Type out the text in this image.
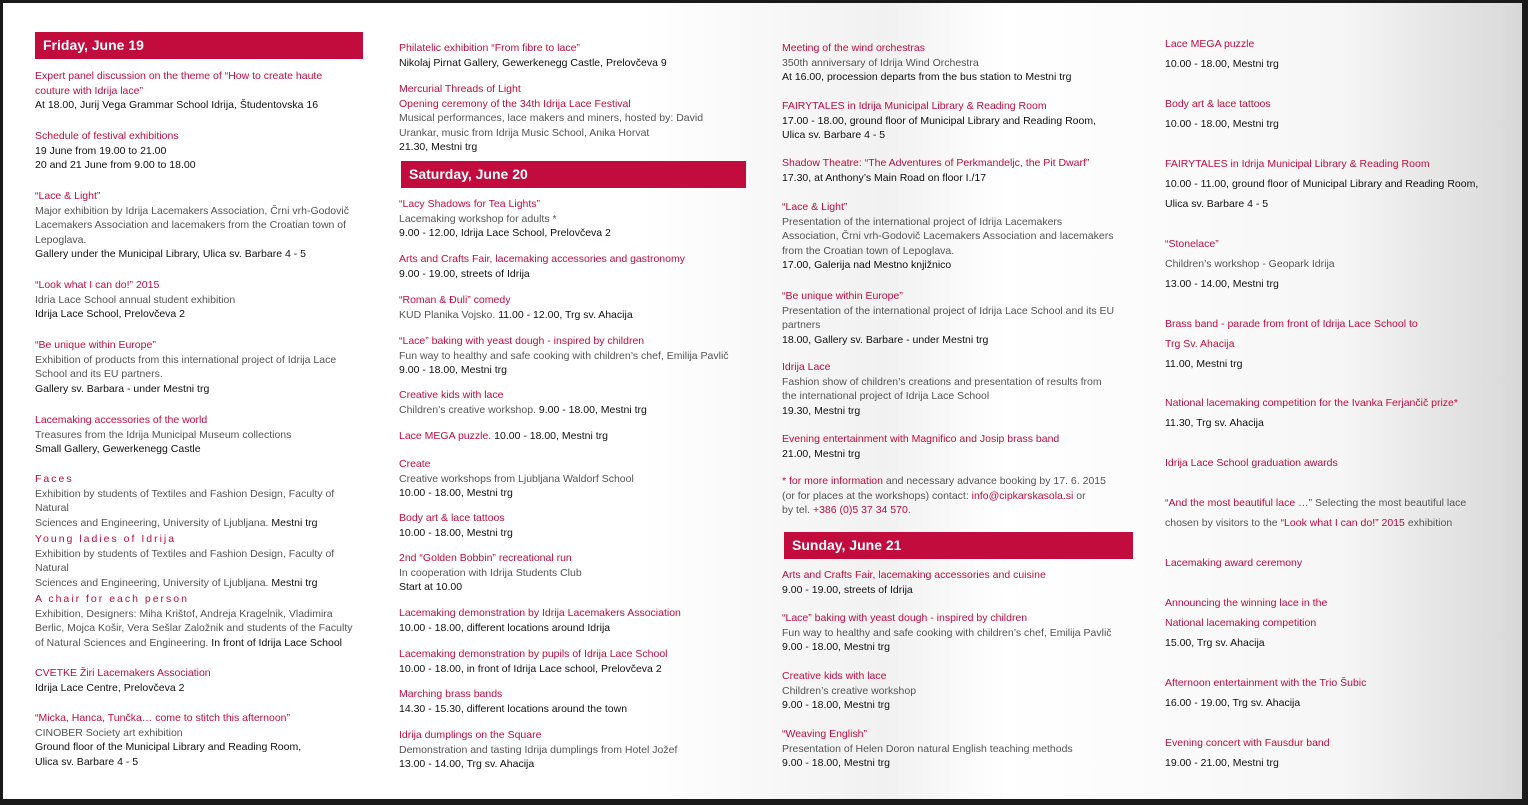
Friday, June 19
Expert panel discussion on the theme of “How to create haute
couture with Idrija lace”
At 18.00, Jurij Vega Grammar School Idrija, Študentovska 16
Schedule of festival exhibitions
19 June from 19.00 to 21.00
20 and 21 June from 9.00 to 18.00
“Lace & Light”
Major exhibition by Idrija Lacemakers Association, Črni vrh-Godovič
Lacemakers Association and lacemakers from the Croatian town of
Lepoglava.
Gallery under the Municipal Library, Ulica sv. Barbare 4 - 5
“Look what I can do!” 2015
Idria Lace School annual student exhibition
Idrija Lace School, Prelovčeva 2
“Be unique within Europe”
Exhibition of products from this international project of Idrija Lace
School and its EU partners.
Gallery sv. Barbara - under Mestni trg
Lacemaking accessories of the world
Treasures from the Idrija Municipal Museum collections
Small Gallery, Gewerkenegg Castle
Faces
Exhibition by students of Textiles and Fashion Design, Faculty of Natural
Sciences and Engineering, University of Ljubljana. Mestni trg
Young ladies of Idrija
Exhibition by students of Textiles and Fashion Design, Faculty of Natural
Sciences and Engineering, University of Ljubljana. Mestni trg
A chair for each person
Exhibition, Designers: Miha Krištof, Andreja Kragelnik, Vladimira
Berlic, Mojca Košir, Vera Sešlar Založnik and students of the Faculty
of Natural Sciences and Engineering. In front of Idrija Lace School
CVETKE Žiri Lacemakers Association
Idrija Lace Centre, Prelovčeva 2
“Micka, Hanca, Tunčka… come to stitch this afternoon”
CINOBER Society art exhibition
Ground floor of the Municipal Library and Reading Room,
Ulica sv. Barbare 4 - 5
Philatelic exhibition “From fibre to lace”
Nikolaj Pirnat Gallery, Gewerkenegg Castle, Prelovčeva 9
Mercurial Threads of Light
Opening ceremony of the 34th Idrija Lace Festival
Musical performances, lace makers and miners, hosted by: David
Urankar, music from Idrija Music School, Anika Horvat
21.30, Mestni trg
Saturday, June 20
“Lacy Shadows for Tea Lights”
Lacemaking workshop for adults *
9.00 - 12.00, Idrija Lace School, Prelovčeva 2
Arts and Crafts Fair, lacemaking accessories and gastronomy
9.00 - 19.00, streets of Idrija
“Roman & Đuli” comedy
KUD Planika Vojsko. 11.00 - 12.00, Trg sv. Ahacija
“Lace” baking with yeast dough - inspired by children
Fun way to healthy and safe cooking with children’s chef, Emilija Pavlič
9.00 - 18.00, Mestni trg
Creative kids with lace
Children’s creative workshop. 9.00 - 18.00, Mestni trg
Lace MEGA puzzle. 10.00 - 18.00, Mestni trg
Create
Creative workshops from Ljubljana Waldorf School
10.00 - 18.00, Mestni trg
Body art & lace tattoos
10.00 - 18.00, Mestni trg
2nd “Golden Bobbin” recreational run
In cooperation with Idrija Students Club
Start at 10.00
Lacemaking demonstration by Idrija Lacemakers Association
10.00 - 18.00, different locations around Idrija
Lacemaking demonstration by pupils of Idrija Lace School
10.00 - 18.00, in front of Idrija Lace school, Prelovčeva 2
Marching brass bands
14.30 - 15.30, different locations around the town
Idrija dumplings on the Square
Demonstration and tasting Idrija dumplings from Hotel Jožef
13.00 - 14.00, Trg sv. Ahacija
Meeting of the wind orchestras
350th anniversary of Idrija Wind Orchestra
At 16.00, procession departs from the bus station to Mestni trg
FAIRYTALES in Idrija Municipal Library & Reading Room
17.00 - 18.00, ground floor of Municipal Library and Reading Room,
Ulica sv. Barbare 4 - 5
Shadow Theatre: “The Adventures of Perkmandeljc, the Pit Dwarf”
17.30, at Anthony’s Main Road on floor I./17
“Lace & Light”
Presentation of the international project of Idrija Lacemakers
Association, Črni vrh-Godovič Lacemakers Association and lacemakers
from the Croatian town of Lepoglava.
17.00, Galerija nad Mestno knjižnico
“Be unique within Europe”
Presentation of the international project of Idrija Lace School and its EU
partners
18.00, Gallery sv. Barbare - under Mestni trg
Idrija Lace
Fashion show of children’s creations and presentation of results from
the international project of Idrija Lace School
19.30, Mestni trg
Evening entertainment with Magnifico and Josip brass band
21.00, Mestni trg
* for more information and necessary advance booking by 17. 6. 2015
(or for places at the workshops) contact: info@cipkarskasola.si or
by tel. +386 (0)5 37 34 570.
Sunday, June 21
Arts and Crafts Fair, lacemaking accessories and cuisine
9.00 - 19.00, streets of Idrija
“Lace” baking with yeast dough - inspired by children
Fun way to healthy and safe cooking with children’s chef, Emilija Pavlič
9.00 - 18.00, Mestni trg
Creative kids with lace
Children’s creative workshop
9.00 - 18.00, Mestni trg
“Weaving English”
Presentation of Helen Doron natural English teaching methods
9.00 - 18.00, Mestni trg
Lace MEGA puzzle
10.00 - 18.00, Mestni trg
Body art & lace tattoos
10.00 - 18.00, Mestni trg
FAIRYTALES in Idrija Municipal Library & Reading Room
10.00 - 11.00, ground floor of Municipal Library and Reading Room,
Ulica sv. Barbare 4 - 5
“Stonelace”
Children’s workshop - Geopark Idrija
13.00 - 14.00, Mestni trg
Brass band - parade from front of Idrija Lace School to
Trg Sv. Ahacija
11.00, Mestni trg
National lacemaking competition for the Ivanka Ferjančič prize*
11.30, Trg sv. Ahacija
Idrija Lace School graduation awards
“And the most beautiful lace …” Selecting the most beautiful lace
chosen by visitors to the “Look what I can do!” 2015 exhibition
Lacemaking award ceremony
Announcing the winning lace in the
National lacemaking competition
15.00, Trg sv. Ahacija
Afternoon entertainment with the Trio Šubic
16.00 - 19.00, Trg sv. Ahacija
Evening concert with Fausdur band
19.00 - 21.00, Mestni trg
